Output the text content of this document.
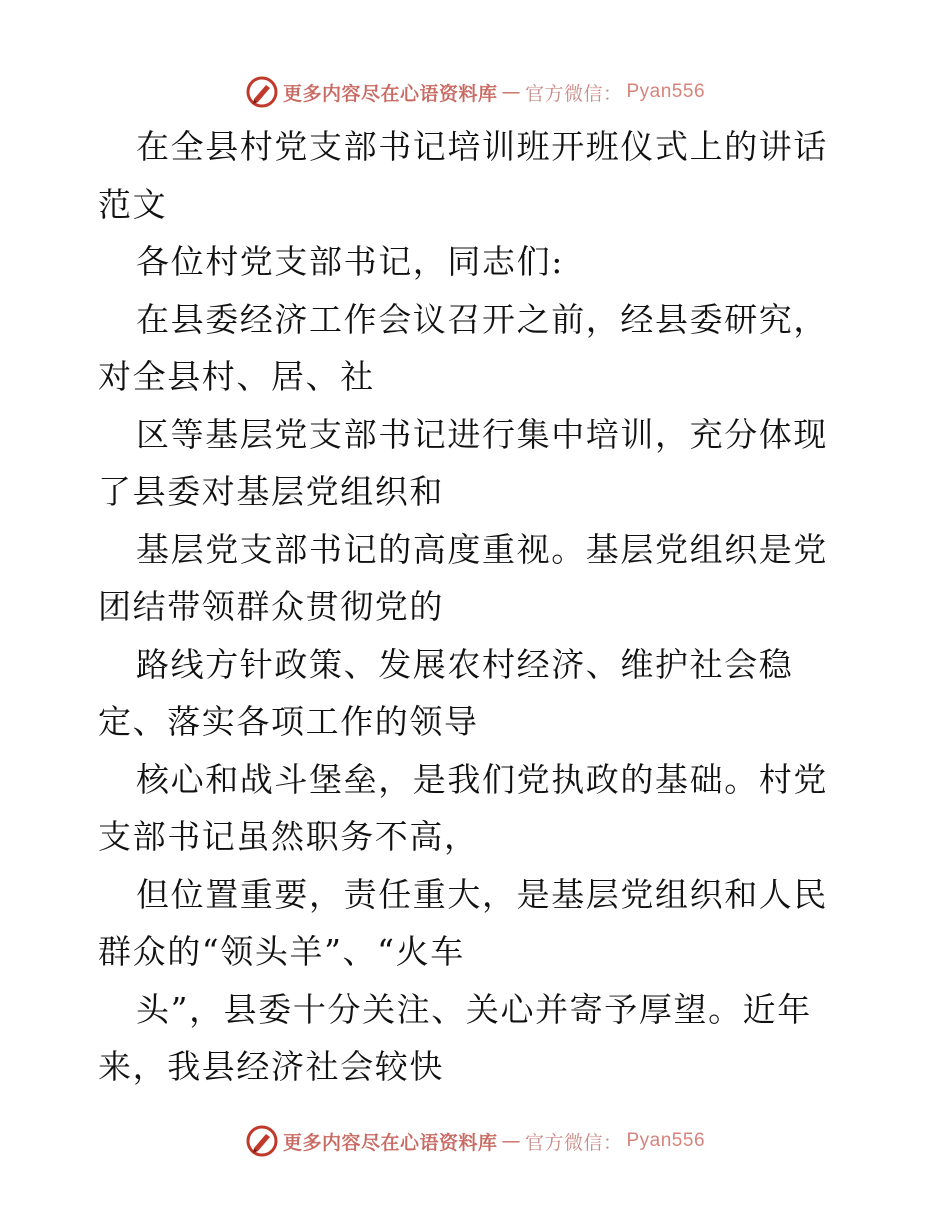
更多内容尽在心语资料库 — 官方微信： Pyan556

在全县村党支部书记培训班开班仪式上的讲话范文

各位村党支部书记，同志们:

在县委经济工作会议召开之前，经县委研究，对全县村、居、社

区等基层党支部书记进行集中培训，充分体现了县委对基层党组织和

基层党支部书记的高度重视。基层党组织是党团结带领群众贯彻党的

路线方针政策、发展农村经济、维护社会稳定、落实各项工作的领导

核心和战斗堡垒，是我们党执政的基础。村党支部书记虽然职务不高，

但位置重要，责任重大，是基层党组织和人民群众的“领头羊”、“火车

头”，县委十分关注、关心并寄予厚望。近年来，我县经济社会较快

更多内容尽在心语资料库 — 官方微信： Pyan556
